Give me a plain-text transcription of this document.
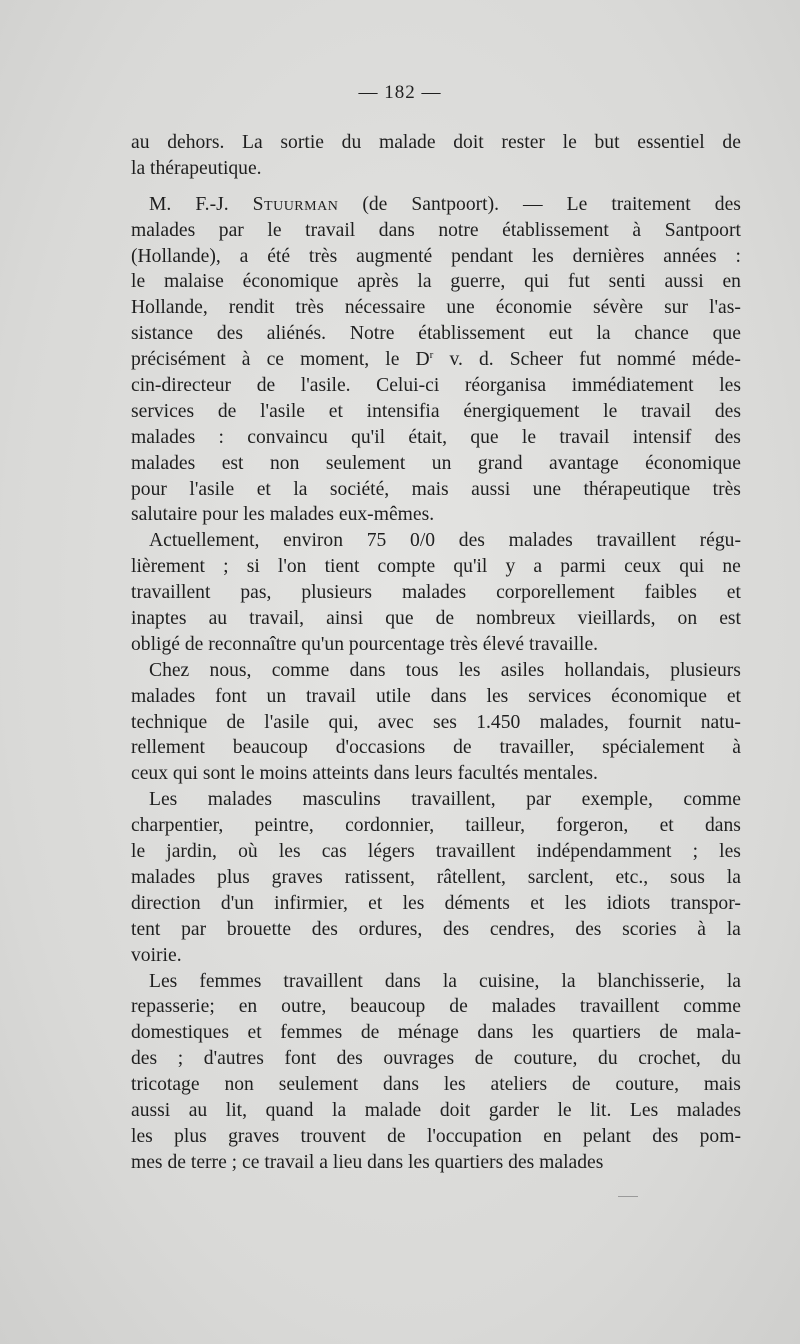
— 182 —
au dehors. La sortie du malade doit rester le but essentiel de
la thérapeutique.
M. F.-J. Stuurman (de Santpoort). — Le traitement des
malades par le travail dans notre établissement à Santpoort
(Hollande), a été très augmenté pendant les dernières années :
le malaise économique après la guerre, qui fut senti aussi en
Hollande, rendit très nécessaire une économie sévère sur l'as-
sistance des aliénés. Notre établissement eut la chance que
précisément à ce moment, le $D^r$ v. d. Scheer fut nommé méde-
cin-directeur de l'asile. Celui-ci réorganisa immédiatement les
services de l'asile et intensifia énergiquement le travail des
malades : convaincu qu'il était, que le travail intensif des
malades est non seulement un grand avantage économique
pour l'asile et la société, mais aussi une thérapeutique très
salutaire pour les malades eux-mêmes.
Actuellement, environ 75 0/0 des malades travaillent régu-
lièrement ; si l'on tient compte qu'il y a parmi ceux qui ne
travaillent pas, plusieurs malades corporellement faibles et
inaptes au travail, ainsi que de nombreux vieillards, on est
obligé de reconnaître qu'un pourcentage très élevé travaille.
Chez nous, comme dans tous les asiles hollandais, plusieurs
malades font un travail utile dans les services économique et
technique de l'asile qui, avec ses 1.450 malades, fournit natu-
rellement beaucoup d'occasions de travailler, spécialement à
ceux qui sont le moins atteints dans leurs facultés mentales.
Les malades masculins travaillent, par exemple, comme
charpentier, peintre, cordonnier, tailleur, forgeron, et dans
le jardin, où les cas légers travaillent indépendamment ; les
malades plus graves ratissent, râtellent, sarclent, etc., sous la
direction d'un infirmier, et les déments et les idiots transpor-
tent par brouette des ordures, des cendres, des scories à la
voirie.
Les femmes travaillent dans la cuisine, la blanchisserie, la
repasserie; en outre, beaucoup de malades travaillent comme
domestiques et femmes de ménage dans les quartiers de mala-
des ; d'autres font des ouvrages de couture, du crochet, du
tricotage non seulement dans les ateliers de couture, mais
aussi au lit, quand la malade doit garder le lit. Les malades
les plus graves trouvent de l'occupation en pelant des pom-
mes de terre ; ce travail a lieu dans les quartiers des malades
